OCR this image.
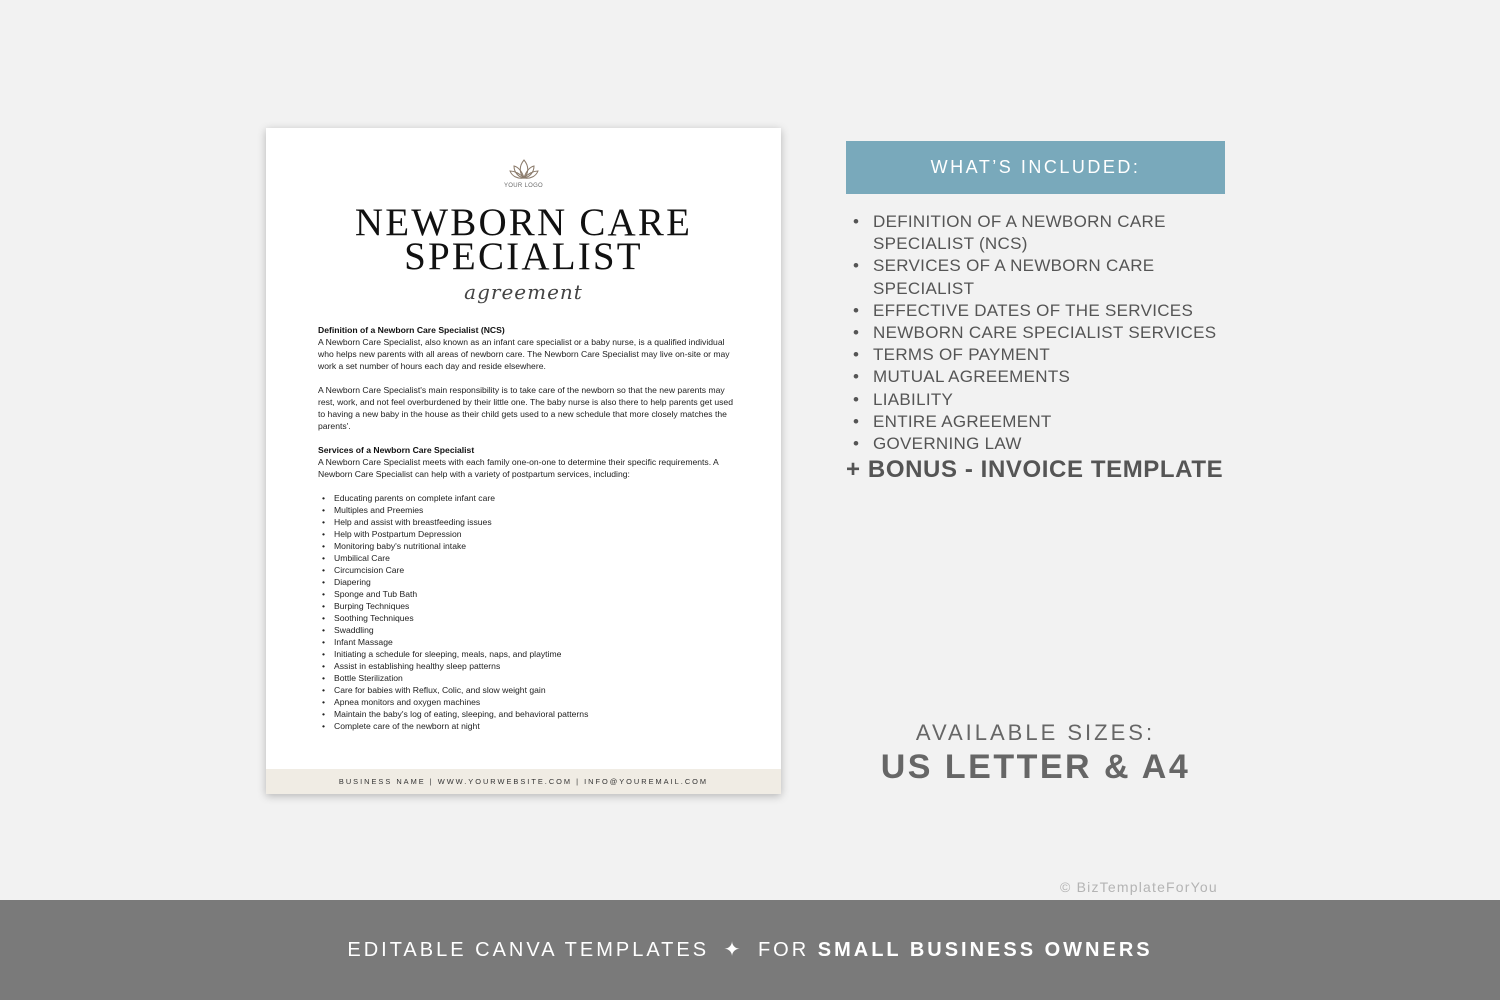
YOUR LOGO
NEWBORN CARE
SPECIALIST
agreement
Definition of a Newborn Care Specialist (NCS)

A Newborn Care Specialist, also known as an infant care specialist or a baby nurse, is a qualified individual who helps new parents with all areas of newborn care. The Newborn Care Specialist may live on-site or may work a set number of hours each day and reside elsewhere.

A Newborn Care Specialist's main responsibility is to take care of the newborn so that the new parents may rest, work, and not feel overburdened by their little one. The baby nurse is also there to help parents get used to having a new baby in the house as their child gets used to a new schedule that more closely matches the parents'.

Services of a Newborn Care Specialist
A Newborn Care Specialist meets with each family one-on-one to determine their specific requirements. A Newborn Care Specialist can help with a variety of postpartum services, including:
• Educating parents on complete infant care
• Multiples and Preemies
• Help and assist with breastfeeding issues
• Help with Postpartum Depression
• Monitoring baby's nutritional intake
• Umbilical Care
• Circumcision Care
• Diapering
• Sponge and Tub Bath
• Burping Techniques
• Soothing Techniques
• Swaddling
• Infant Massage
• Initiating a schedule for sleeping, meals, naps, and playtime
• Assist in establishing healthy sleep patterns
• Bottle Sterilization
• Care for babies with Reflux, Colic, and slow weight gain
• Apnea monitors and oxygen machines
• Maintain the baby's log of eating, sleeping, and behavioral patterns
• Complete care of the newborn at night
BUSINESS NAME | WWW.YOURWEBSITE.COM | INFO@YOUREMAIL.COM
WHAT’S INCLUDED:
• DEFINITION OF A NEWBORN CARE SPECIALIST (NCS)
• SERVICES OF A NEWBORN CARE SPECIALIST
• EFFECTIVE DATES OF THE SERVICES
• NEWBORN CARE SPECIALIST SERVICES
• TERMS OF PAYMENT
• MUTUAL AGREEMENTS
• LIABILITY
• ENTIRE AGREEMENT
• GOVERNING LAW
+ BONUS - INVOICE TEMPLATE
AVAILABLE SIZES:
US LETTER & A4
© BizTemplateForYou
EDITABLE CANVA TEMPLATES ✦ FOR SMALL BUSINESS OWNERS
